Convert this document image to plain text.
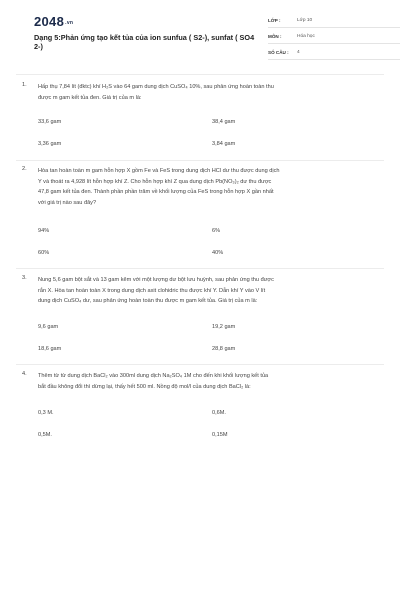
2048.vn
Dạng 5:Phản ứng tạo kết tủa của ion sunfua ( S2-), sunfat ( SO4 2-)
LỚP :	Lớp 10
MÔN :	Hóa học
SỐ CÂU :	4
1. Hấp thụ 7,84 lít (đktc) khí H₂S vào 64 gam dung dịch CuSO₄ 10%, sau phản ứng hoàn toàn thu
được m gam kết tủa đen. Giá trị của m là:
33,6 gam	38,4 gam
3,36 gam	3,84 gam
2. Hòa tan hoàn toàn m gam hỗn hợp X gồm Fe và FeS trong dung dịch HCl dư thu được dung dịch
Y và thoát ra 4,928 lít hỗn hợp khí Z. Cho hỗn hợp khí Z qua dung dịch Pb(NO₃)₂ dư thu được
47,8 gam kết tủa đen. Thành phần phần trăm về khối lượng của FeS trong hỗn hợp X gần nhất
với giá trị nào sau đây?
94%	6%
60%	40%
3. Nung 5,6 gam bột sắt và 13 gam kẽm với một lượng dư bột lưu huỳnh, sau phản ứng thu được
rắn X. Hòa tan hoàn toàn X trong dung dịch axit clohidric thu được khí Y. Dẫn khí Y vào V lít
dung dịch CuSO₄ dư, sau phản ứng hoàn toàn thu được m gam kết tủa. Giá trị của m là:
9,6 gam	19,2 gam
18,6 gam	28,8 gam
4. Thêm từ từ dung dịch BaCl₂ vào 300ml dung dịch Na₂SO₄ 1M cho đến khi khối lượng kết tủa
bắt đầu không đổi thì dừng lại, thấy hết 500 ml. Nồng độ mol/l của dung dịch BaCl₂ là:
0,3 M.	0,6M.
0,5M.	0,15M
